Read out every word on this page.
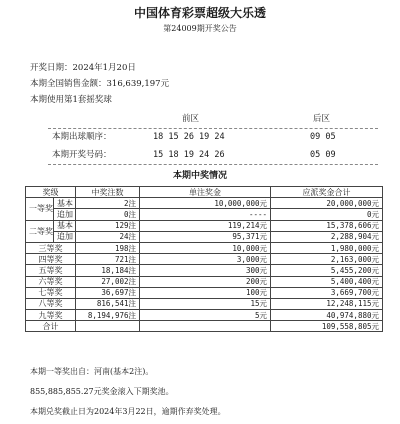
中国体育彩票超级大乐透
第24009期开奖公告
开奖日期：2024年1月20日
本期全国销售金额：316,639,197元
本期使用第1套摇奖球
前区	后区
本期出球顺序：	18 15 26 19 24	09 05
本期开奖号码：	15 18 19 24 26	05 09
本期中奖情况
奖级		中奖注数	单注奖金	应派奖金合计
一等奖	基本	2注	10,000,000元	20,000,000元
	追加	0注	----	0元
二等奖	基本	129注	119,214元	15,378,606元
	追加	24注	95,371元	2,288,904元
三等奖		198注	10,000元	1,980,000元
四等奖		721注	3,000元	2,163,000元
五等奖		18,184注	300元	5,455,200元
六等奖		27,002注	200元	5,400,400元
七等奖		36,697注	100元	3,669,700元
八等奖		816,541注	15元	12,248,115元
九等奖		8,194,976注	5元	40,974,880元
合计				109,558,805元
本期一等奖出自：河南(基本2注)。
855,885,855.27元奖金滚入下期奖池。
本期兑奖截止日为2024年3月22日，逾期作弃奖处理。
